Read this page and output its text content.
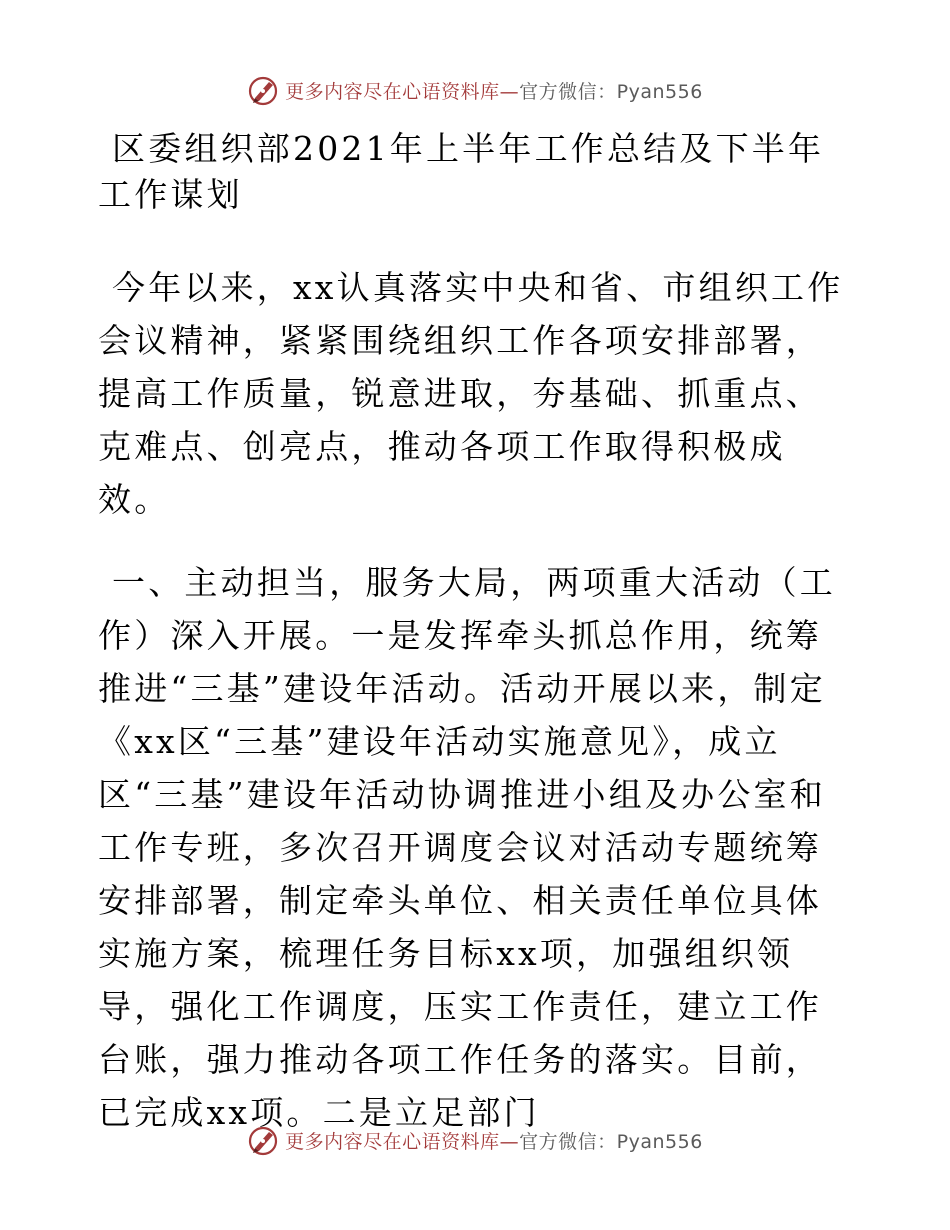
更多内容尽在心语资料库—官方微信：Pyan556
区委组织部2021年上半年工作总结及下半年工作谋划

今年以来，xx认真落实中央和省、市组织工作会议精神，紧紧围绕组织工作各项安排部署，提高工作质量，锐意进取，夯基础、抓重点、克难点、创亮点，推动各项工作取得积极成效。

一、主动担当，服务大局，两项重大活动（工作）深入开展。一是发挥牵头抓总作用，统筹推进“三基”建设年活动。活动开展以来，制定《xx区“三基”建设年活动实施意见》，成立区“三基”建设年活动协调推进小组及办公室和工作专班，多次召开调度会议对活动专题统筹安排部署，制定牵头单位、相关责任单位具体实施方案，梳理任务目标xx项，加强组织领导，强化工作调度，压实工作责任，建立工作台账，强力推动各项工作任务的落实。目前，已完成xx项。二是立足部门

更多内容尽在心语资料库—官方微信：Pyan556
